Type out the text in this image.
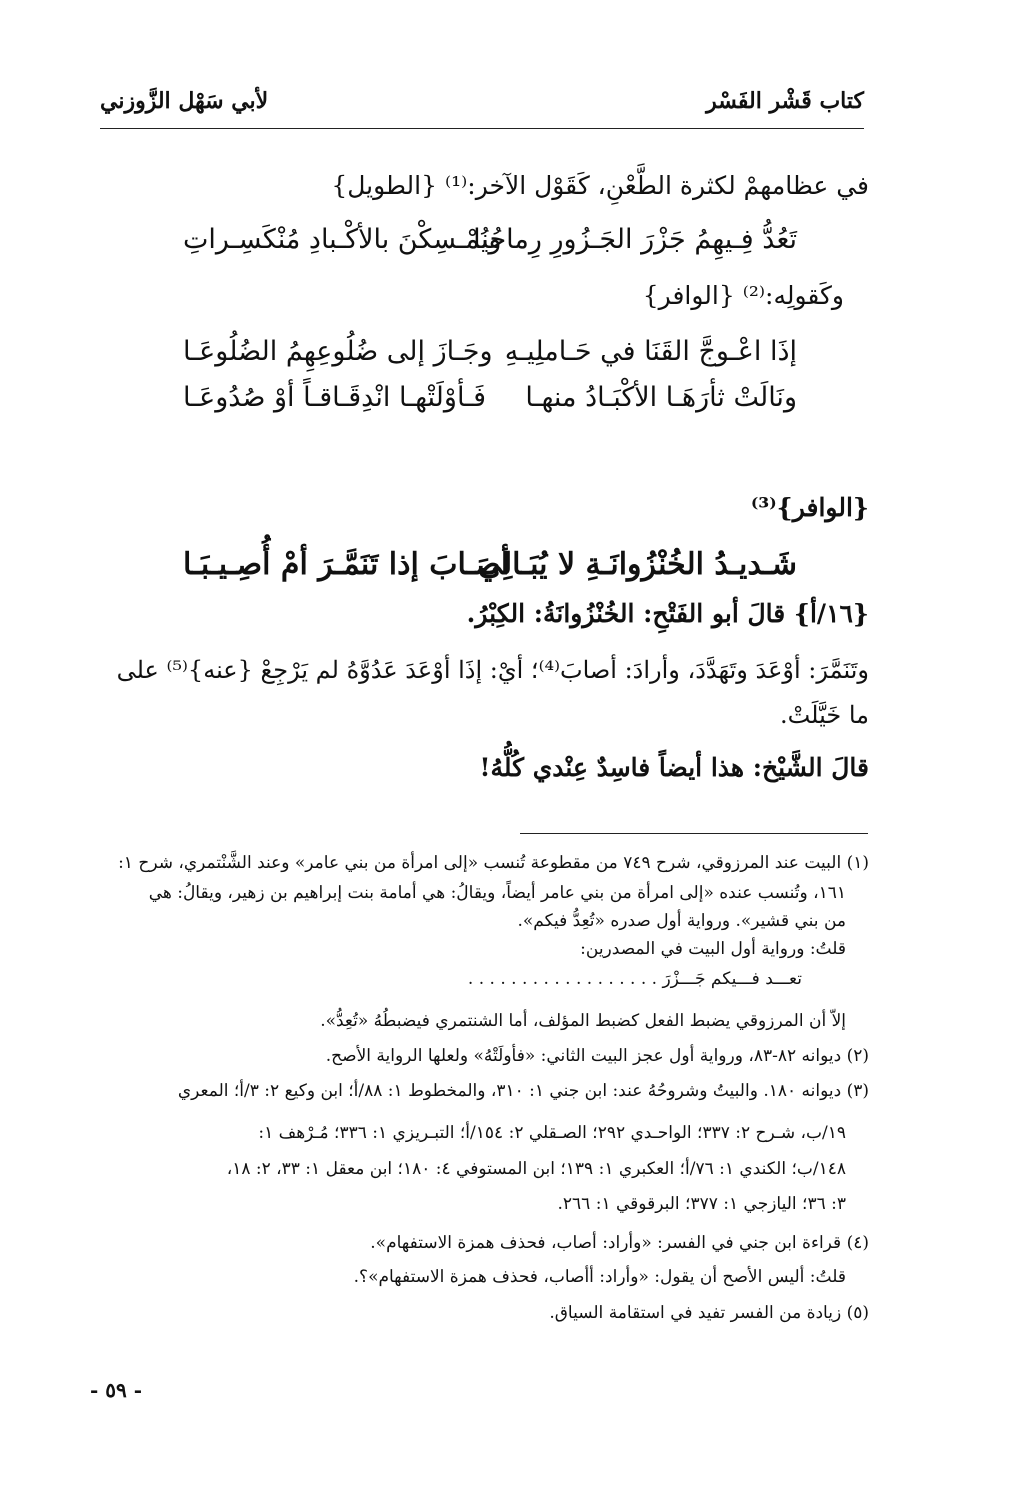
كتاب قَشْر الفَسْر
لأبي سَهْل الزَّوزني
في عظامهمْ لكثرة الطَّعْنِ، كَقَوْل الآخر:⁽¹⁾ {الطويل}
تَعُدُّ فِـيهِمُ جَزْرَ الجَـزُورِ رِماحُنا
ويُمْـسِكْنَ بالأكْـبادِ مُنْكَسِـراتِ
وكَقولِه:⁽²⁾ {الوافر}
إذَا اعْـوجَّ القَنَا في حَـاملِيـهِ
وجَـازَ إلى ضُلُوعِهِمُ الضُلُوعَـا
ونَالَتْ ثأرَهَـا الأكْبَـادُ منهـا
فَـأوْلَتْهـا انْدِقَـاقـاً أوْ صُدُوعَـا
{الوافر}⁽³⁾
شَـديـدُ الخُنْزُوانَـةِ لا يُبَـالِي
أصَـابَ إذا تَنَمَّـرَ أمْ أُصِـيـبَـا
{١٦/أ} قالَ أبو الفَتْحِ: الخُنْزُوانَةُ: الكِبْرُ.
وتَنَمَّرَ: أوْعَدَ وتَهَدَّدَ، وأرادَ: أصابَ⁽⁴⁾؛ أيْ: إذَا أوْعَدَ عَدُوَّهُ لم يَرْجِعْ {عنه}⁽⁵⁾ على
ما خَيَّلَتْ.
قالَ الشَّيْخ: هذا أيضاً فاسِدٌ عِنْدي كُلُّهُ!
(١) البيت عند المرزوقي، شرح ٧٤٩ من مقطوعة تُنسب «إلى امرأة من بني عامر» وعند الشَّنْتمري، شرح ١:
١٦١، وتُنسب عنده «إلى امرأة من بني عامر أيضاً، ويقالُ: هي أمامة بنت إبراهيم بن زهير، ويقالُ: هي
من بني قشير». ورواية أول صدره «تُعِدُّ فيكم».
قلتُ: ورواية أول البيت في المصدرين:
تعـــد فـــيكم جَـــزْرَ . . . . . . . . . . . . . . . . . .
إلاّ أن المرزوقي يضبط الفعل كضبط المؤلف، أما الشنتمري فيضبطُهُ «تُعِدُّ».
(٢) ديوانه ٨٢-٨٣، ورواية أول عجز البيت الثاني: «فأولَتْهُ» ولعلها الرواية الأصح.
(٣) ديوانه ١٨٠. والبيتُ وشروحُهُ عند: ابن جني ١: ٣١٠، والمخطوط ١: ٨٨/أ؛ ابن وكيع ٢: ٣/أ؛ المعري
١٩/ب، شـرح ٢: ٣٣٧؛ الواحـدي ٢٩٢؛ الصـقلي ٢: ١٥٤/أ؛ التبـريزي ١: ٣٣٦؛ مُـرْهف ١:
١٤٨/ب؛ الكندي ١: ٧٦/أ؛ العكبري ١: ١٣٩؛ ابن المستوفي ٤: ١٨٠؛ ابن معقل ١: ٣٣، ٢: ١٨،
٣: ٣٦؛ اليازجي ١: ٣٧٧؛ البرقوقي ١: ٢٦٦.
(٤) قراءة ابن جني في الفسر: «وأراد: أصاب، فحذف همزة الاستفهام».
قلتُ: أليس الأصح أن يقول: «وأراد: أأصاب، فحذف همزة الاستفهام»؟.
(٥) زيادة من الفسر تفيد في استقامة السياق.
- ٥٩ -
